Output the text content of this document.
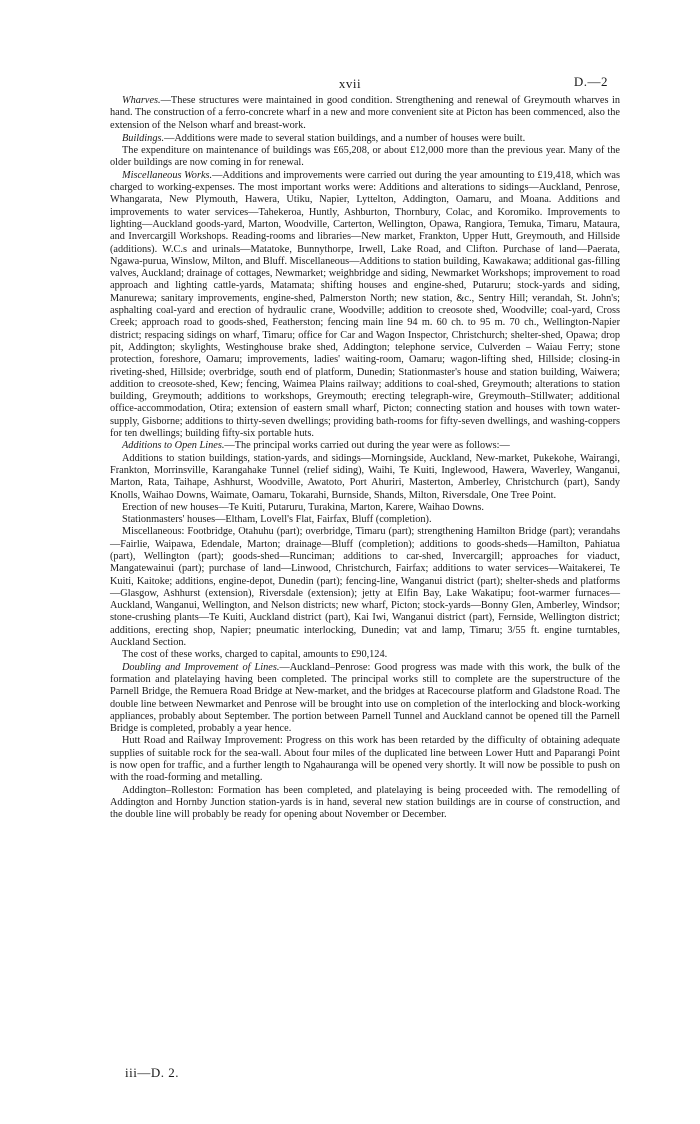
xvii	D.—2

Wharves.—These structures were maintained in good condition. Strengthening and renewal of Greymouth wharves in hand. The construction of a ferro-concrete wharf in a new and more convenient site at Picton has been commenced, also the extension of the Nelson wharf and breast-work.

Buildings.—Additions were made to several station buildings, and a number of houses were built.

The expenditure on maintenance of buildings was £65,208, or about £12,000 more than the previous year. Many of the older buildings are now coming in for renewal.

Miscellaneous Works.—Additions and improvements were carried out during the year amounting to £19,418, which was charged to working-expenses. The most important works were: Additions and alterations to sidings—Auckland, Penrose, Whangarata, New Plymouth, Hawera, Utiku, Napier, Lyttelton, Addington, Oamaru, and Moana. Additions and improvements to water services—Tahekeroa, Huntly, Ashburton, Thornbury, Colac, and Koromiko. Improvements to lighting—Auckland goods-yard, Marton, Woodville, Carterton, Wellington, Opawa, Rangiora, Temuka, Timaru, Mataura, and Invercargill Workshops. Reading-rooms and libraries—New market, Frankton, Upper Hutt, Greymouth, and Hillside (additions). W.C.s and urinals—Matatoke, Bunnythorpe, Irwell, Lake Road, and Clifton. Purchase of land—Paerata, Ngawa-purua, Winslow, Milton, and Bluff. Miscellaneous—Additions to station building, Kawakawa; additional gas-filling valves, Auckland; drainage of cottages, Newmarket; weighbridge and siding, Newmarket Workshops; improvement to road approach and lighting cattle-yards, Matamata; shifting houses and engine-shed, Putaruru; stock-yards and siding, Manurewa; sanitary improvements, engine-shed, Palmerston North; new station, &c., Sentry Hill; verandah, St. John's; asphalting coal-yard and erection of hydraulic crane, Woodville; addition to creosote shed, Woodville; coal-yard, Cross Creek; approach road to goods-shed, Featherston; fencing main line 94 m. 60 ch. to 95 m. 70 ch., Wellington-Napier district; respacing sidings on wharf, Timaru; office for Car and Wagon Inspector, Christchurch; shelter-shed, Opawa; drop pit, Addington; skylights, Westinghouse brake shed, Addington; telephone service, Culverden – Waiau Ferry; stone protection, foreshore, Oamaru; improvements, ladies' waiting-room, Oamaru; wagon-lifting shed, Hillside; closing-in riveting-shed, Hillside; overbridge, south end of platform, Dunedin; Stationmaster's house and station building, Waiwera; addition to creosote-shed, Kew; fencing, Waimea Plains railway; additions to coal-shed, Greymouth; alterations to station building, Greymouth; additions to workshops, Greymouth; erecting telegraph-wire, Greymouth–Stillwater; additional office-accommodation, Otira; extension of eastern small wharf, Picton; connecting station and houses with town water-supply, Gisborne; additions to thirty-seven dwellings; providing bath-rooms for fifty-seven dwellings, and washing-coppers for ten dwellings; building fifty-six portable huts.

Additions to Open Lines.—The principal works carried out during the year were as follows:—

Additions to station buildings, station-yards, and sidings—Morningside, Auckland, New-market, Pukekohe, Wairangi, Frankton, Morrinsville, Karangahake Tunnel (relief siding), Waihi, Te Kuiti, Inglewood, Hawera, Waverley, Wanganui, Marton, Rata, Taihape, Ashhurst, Woodville, Awatoto, Port Ahuriri, Masterton, Amberley, Christchurch (part), Sandy Knolls, Waihao Downs, Waimate, Oamaru, Tokarahi, Burnside, Shands, Milton, Riversdale, One Tree Point.

Erection of new houses—Te Kuiti, Putaruru, Turakina, Marton, Karere, Waihao Downs.

Stationmasters' houses—Eltham, Lovell's Flat, Fairfax, Bluff (completion).

Miscellaneous: Footbridge, Otahuhu (part); overbridge, Timaru (part); strengthening Hamilton Bridge (part); verandahs—Fairlie, Waipawa, Edendale, Marton; drainage—Bluff (completion); additions to goods-sheds—Hamilton, Pahiatua (part), Wellington (part); goods-shed—Runciman; additions to car-shed, Invercargill; approaches for viaduct, Mangatewainui (part); purchase of land—Linwood, Christchurch, Fairfax; additions to water services—Waitakerei, Te Kuiti, Kaitoke; additions, engine-depot, Dunedin (part); fencing-line, Wanganui district (part); shelter-sheds and platforms—Glasgow, Ashhurst (extension), Riversdale (extension); jetty at Elfin Bay, Lake Wakatipu; foot-warmer furnaces—Auckland, Wanganui, Wellington, and Nelson districts; new wharf, Picton; stock-yards—Bonny Glen, Amberley, Windsor; stone-crushing plants—Te Kuiti, Auckland district (part), Kai Iwi, Wanganui district (part), Fernside, Wellington district; additions, erecting shop, Napier; pneumatic interlocking, Dunedin; vat and lamp, Timaru; 3/55 ft. engine turntables, Auckland Section.

The cost of these works, charged to capital, amounts to £90,124.

Doubling and Improvement of Lines.—Auckland–Penrose: Good progress was made with this work, the bulk of the formation and platelaying having been completed. The principal works still to complete are the superstructure of the Parnell Bridge, the Remuera Road Bridge at New-market, and the bridges at Racecourse platform and Gladstone Road. The double line between Newmarket and Penrose will be brought into use on completion of the interlocking and block-working appliances, probably about September. The portion between Parnell Tunnel and Auckland cannot be opened till the Parnell Bridge is completed, probably a year hence.

Hutt Road and Railway Improvement: Progress on this work has been retarded by the difficulty of obtaining adequate supplies of suitable rock for the sea-wall. About four miles of the duplicated line between Lower Hutt and Paparangi Point is now open for traffic, and a further length to Ngahauranga will be opened very shortly. It will now be possible to push on with the road-forming and metalling.

Addington–Rolleston: Formation has been completed, and platelaying is being proceeded with. The remodelling of Addington and Hornby Junction station-yards is in hand, several new station buildings are in course of construction, and the double line will probably be ready for opening about November or December.

iii—D. 2.
